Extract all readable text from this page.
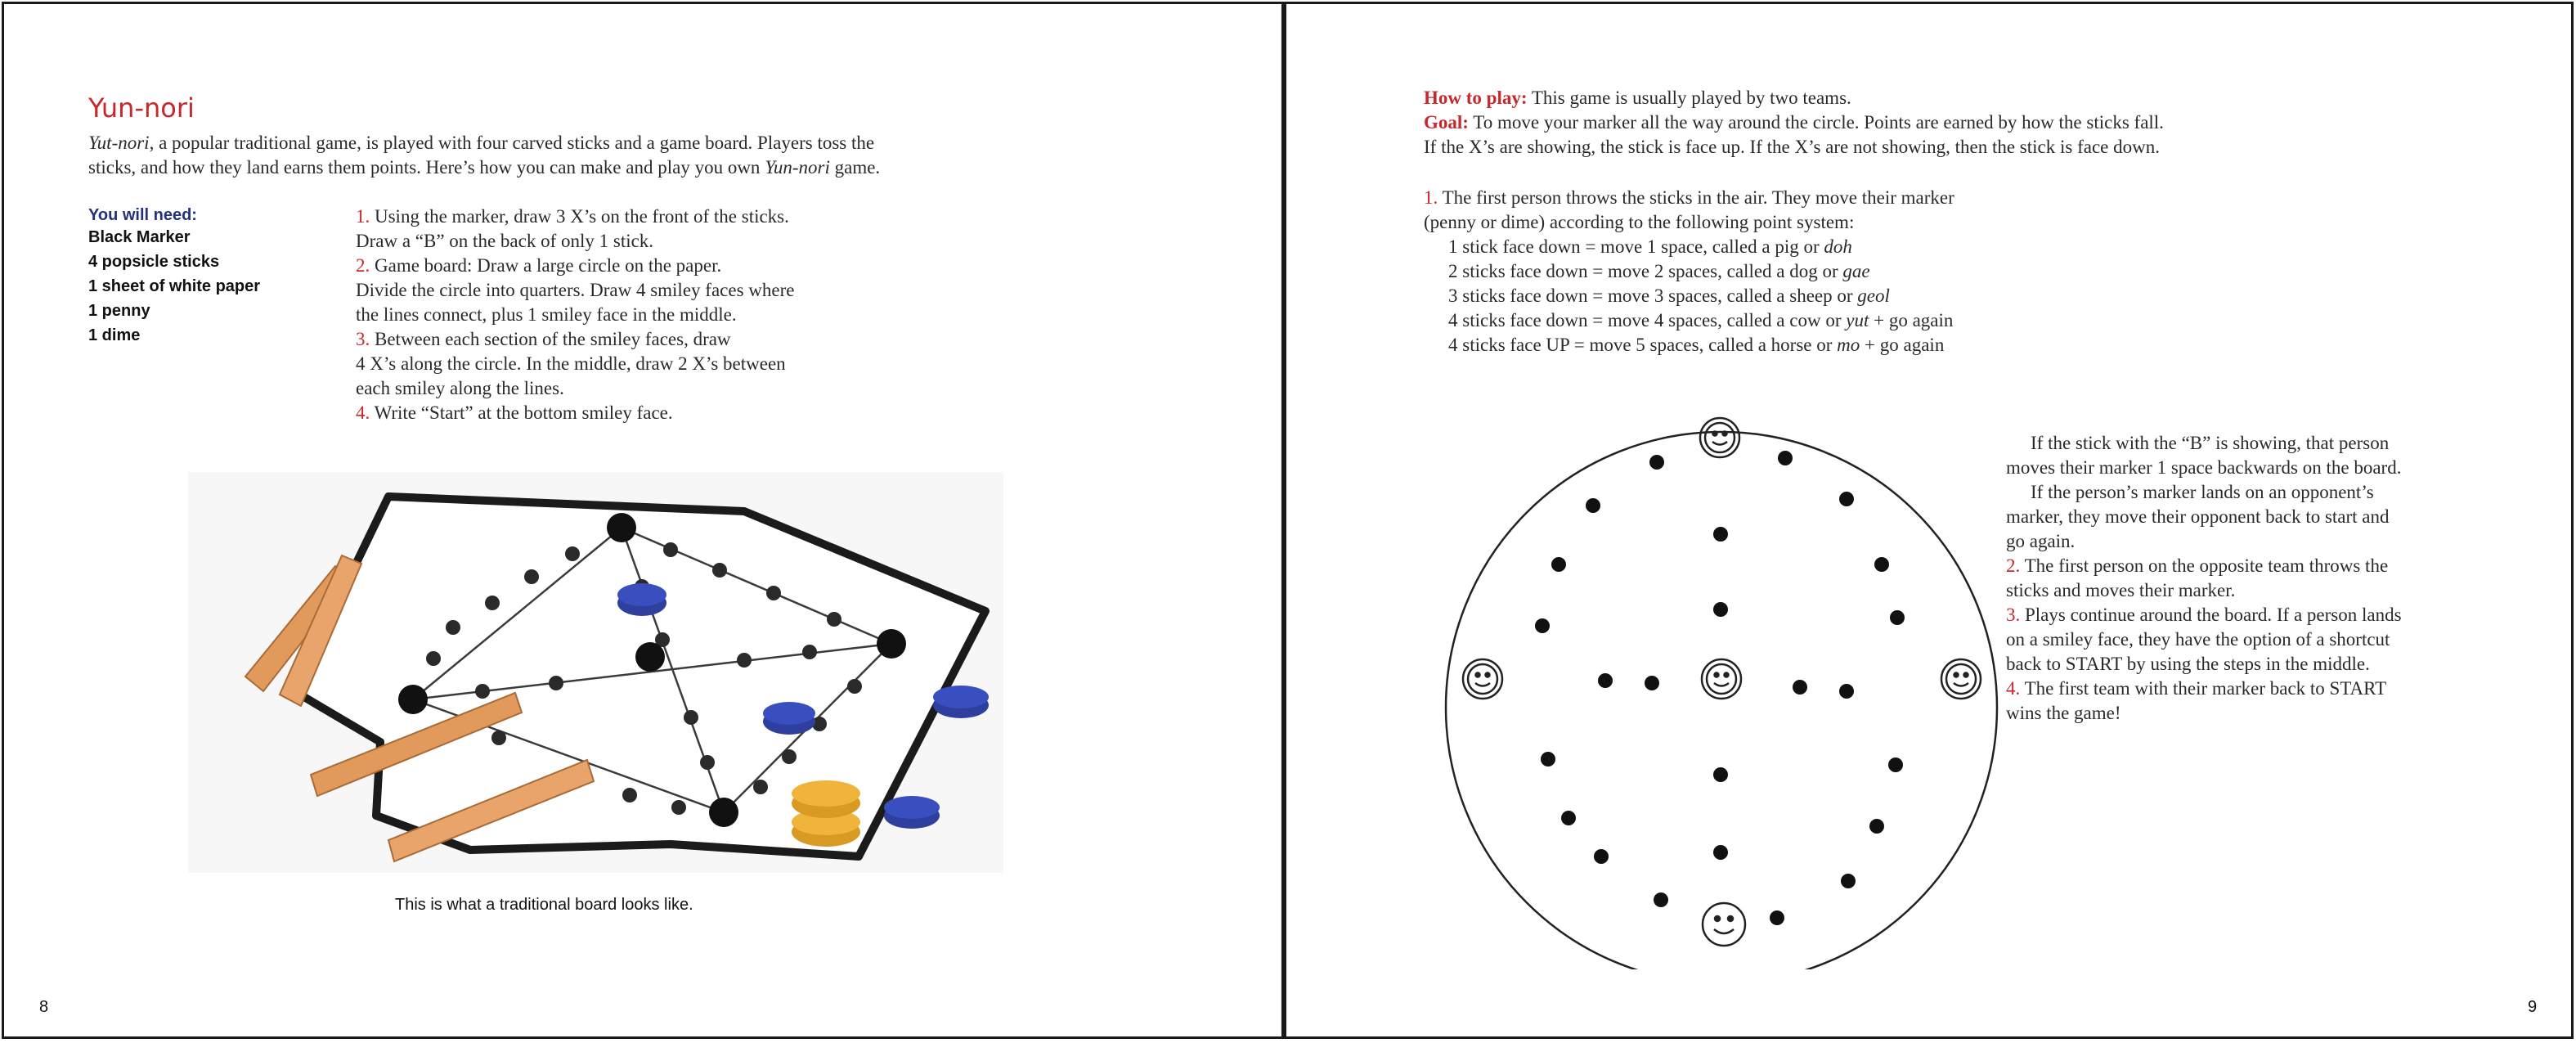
Yun-nori
Yut-nori, a popular traditional game, is played with four carved sticks and a game board. Players toss the
sticks, and how they land earns them points. Here’s how you can make and play you own Yun-nori game.
You will need:
Black Marker
4 popsicle sticks
1 sheet of white paper
1 penny
1 dime
1. Using the marker, draw 3 X’s on the front of the sticks.
Draw a “B” on the back of only 1 stick.
2. Game board: Draw a large circle on the paper.
Divide the circle into quarters. Draw 4 smiley faces where
the lines connect, plus 1 smiley face in the middle.
3. Between each section of the smiley faces, draw
4 X’s along the circle. In the middle, draw 2 X’s between
each smiley along the lines.
4. Write “Start” at the bottom smiley face.
This is what a traditional board looks like.
8
How to play: This game is usually played by two teams.
Goal: To move your marker all the way around the circle. Points are earned by how the sticks fall.
If the X’s are showing, the stick is face up. If the X’s are not showing, then the stick is face down.
1. The first person throws the sticks in the air. They move their marker
(penny or dime) according to the following point system:
1 stick face down = move 1 space, called a pig or doh
2 sticks face down = move 2 spaces, called a dog or gae
3 sticks face down = move 3 spaces, called a sheep or geol
4 sticks face down = move 4 spaces, called a cow or yut + go again
4 sticks face UP = move 5 spaces, called a horse or mo + go again
If the stick with the “B” is showing, that person
moves their marker 1 space backwards on the board.
If the person’s marker lands on an opponent’s
marker, they move their opponent back to start and
go again.
2. The first person on the opposite team throws the
sticks and moves their marker.
3. Plays continue around the board. If a person lands
on a smiley face, they have the option of a shortcut
back to START by using the steps in the middle.
4. The first team with their marker back to START
wins the game!
9
